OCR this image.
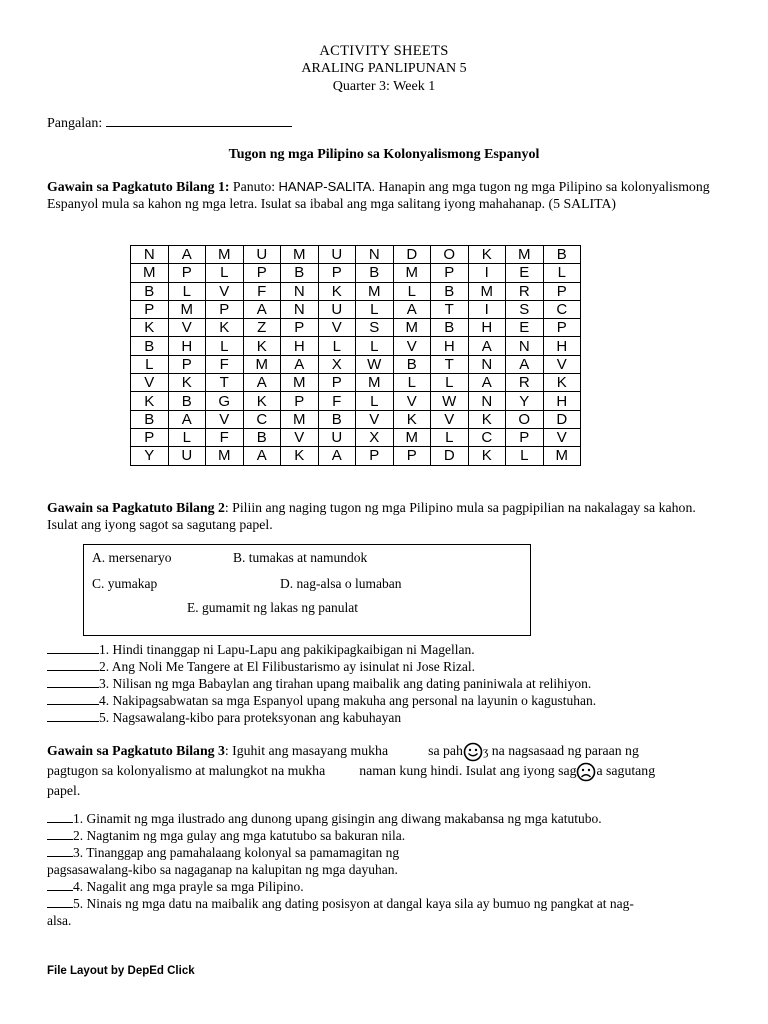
ACTIVITY SHEETS
ARALING PANLIPUNAN 5
Quarter 3: Week 1
Pangalan:
Tugon ng mga Pilipino sa Kolonyalismong Espanyol
Gawain sa Pagkatuto Bilang 1: Panuto: HANAP-SALITA. Hanapin ang mga tugon ng mga Pilipino sa kolonyalismong Espanyol mula sa kahon ng mga letra. Isulat sa ibabal ang mga salitang iyong mahahanap. (5 SALITA)
N	A	M	U	M	U	N	D	O	K	M	B
M	P	L	P	B	P	B	M	P	I	E	L
B	L	V	F	N	K	M	L	B	M	R	P
P	M	P	A	N	U	L	A	T	I	S	C
K	V	K	Z	P	V	S	M	B	H	E	P
B	H	L	K	H	L	L	V	H	A	N	H
L	P	F	M	A	X	W	B	T	N	A	V
V	K	T	A	M	P	M	L	L	A	R	K
K	B	G	K	P	F	L	V	W	N	Y	H
B	A	V	C	M	B	V	K	V	K	O	D
P	L	F	B	V	U	X	M	L	C	P	V
Y	U	M	A	K	A	P	P	D	K	L	M
Gawain sa Pagkatuto Bilang 2: Piliin ang naging tugon ng mga Pilipino mula sa pagpipilian na nakalagay sa kahon. Isulat ang iyong sagot sa sagutang papel.
A. mersenaryo	B. tumakas at namundok
C. yumakap	D. nag-alsa o lumaban
E. gumamit ng lakas ng panulat
1. Hindi tinanggap ni Lapu-Lapu ang pakikipagkaibigan ni Magellan.
2. Ang Noli Me Tangere at El Filibustarismo ay isinulat ni Jose Rizal.
3. Nilisan ng mga Babaylan ang tirahan upang maibalik ang dating paniniwala at relihiyon.
4. Nakipagsabwatan sa mga Espanyol upang makuha ang personal na layunin o kagustuhan.
5. Nagsawalang-kibo para proteksyonan ang kabuhayan
Gawain sa Pagkatuto Bilang 3: Iguhit ang masayang mukha	sa pah ʒ na nagsasaad ng paraan ng
pagtugon sa kolonyalismo at malungkot na mukha naman kung hindi. Isulat ang iyong sag a sagutang
papel.
1. Ginamit ng mga ilustrado ang dunong upang gisingin ang diwang makabansa ng mga katutubo.
2. Nagtanim ng mga gulay ang mga katutubo sa bakuran nila.
3. Tinanggap ang pamahalaang kolonyal sa pamamagitan ng
pagsasawalang-kibo sa nagaganap na kalupitan ng mga dayuhan.
4. Nagalit ang mga prayle sa mga Pilipino.
5. Ninais ng mga datu na maibalik ang dating posisyon at dangal kaya sila ay bumuo ng pangkat at nag-
alsa.
File Layout by DepEd Click
